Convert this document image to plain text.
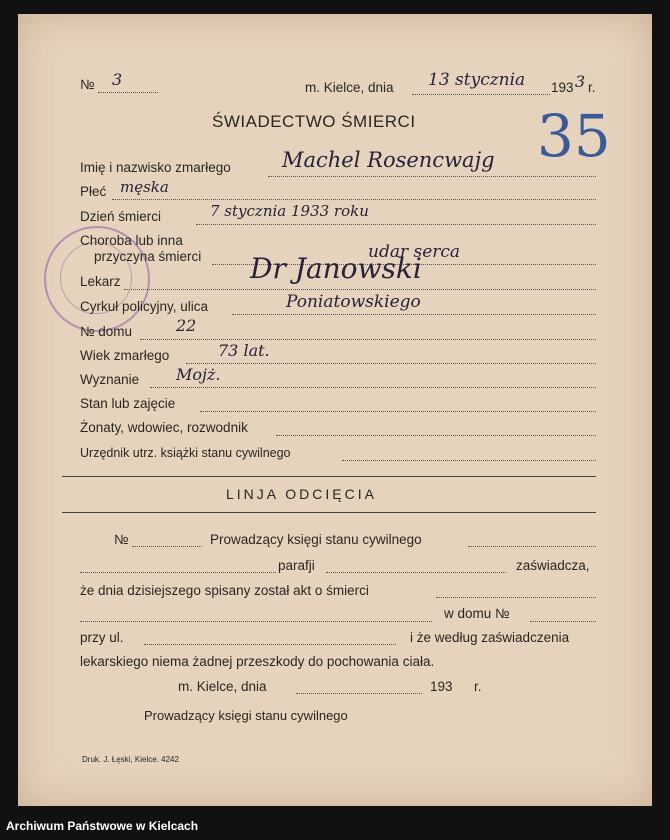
№ 3	m. Kielce, dnia 13 stycznia 193 3 r.
35
ŚWIADECTWO ŚMIERCI
Imię i nazwisko zmarłego Machel Rosencwajg
Płeć męska
Dzień śmierci	7 stycznia 1933 roku
Choroba lub inna
przyczyna śmierci	udar serca
Lekarz	Dr Janowski
Cyrkuł policyjny, ulica	Poniatowskiego
№ domu	22
Wiek zmarłego	73 lat.
Wyznanie Mojż.
Stan lub zajęcie
Żonaty, wdowiec, rozwodnik
Urzędnik utrz. książki stanu cywilnego
LINJA ODCIĘCIA
№	Prowadzący księgi stanu cywilnego
parafji	zaświadcza,
że dnia dzisiejszego spisany został akt o śmierci
w domu №
przy ul.	i że według zaświadczenia
lekarskiego niema żadnej przeszkody do pochowania ciała.
m. Kielce, dnia	193 r.
Prowadzący księgi stanu cywilnego
Druk. J. Łęski, Kielce. 4242
Archiwum Państwowe w Kielcach
